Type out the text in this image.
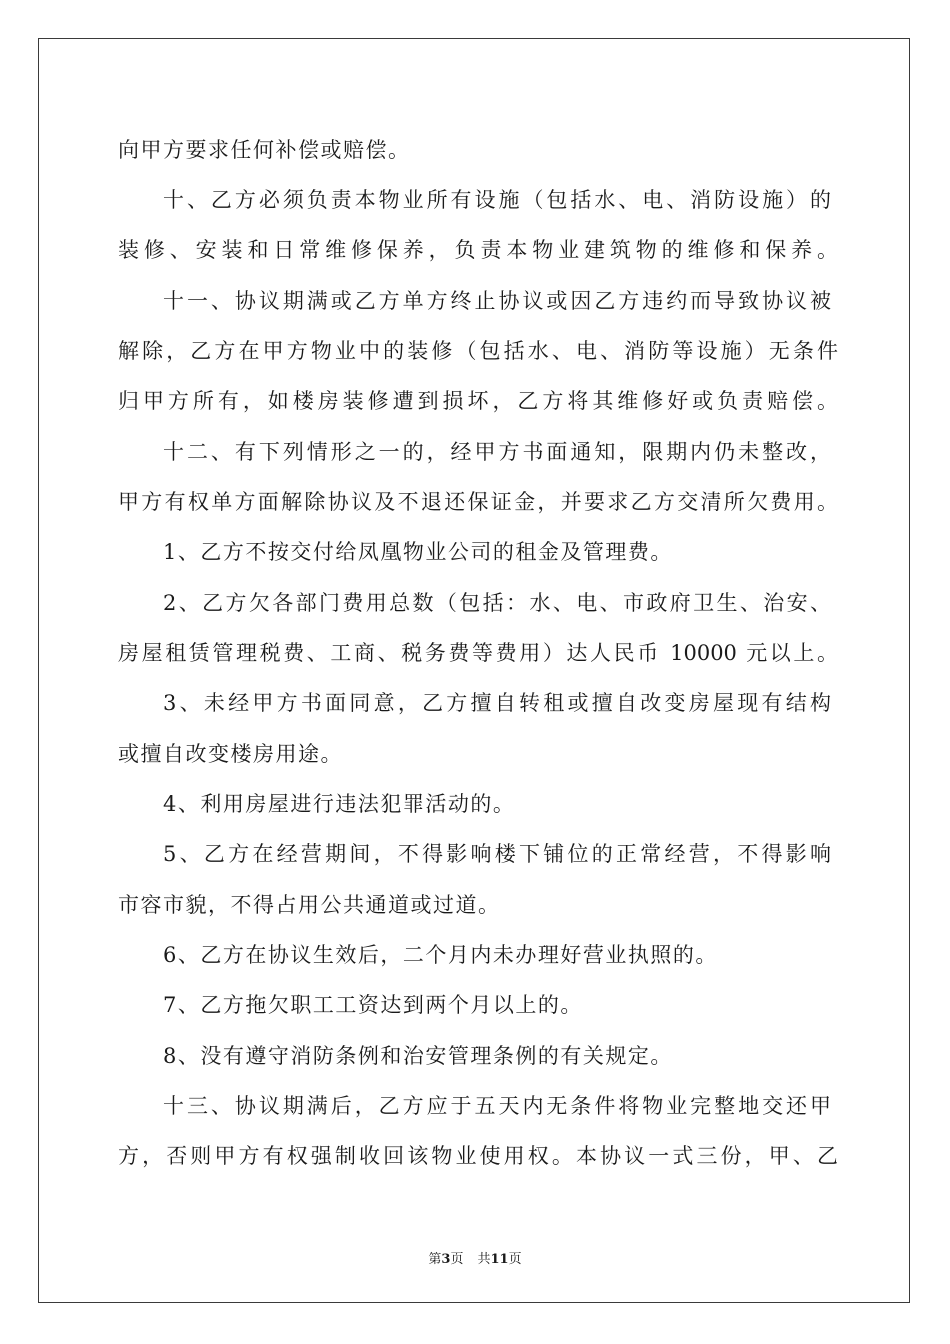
向甲方要求任何补偿或赔偿。
十、乙方必须负责本物业所有设施（包括水、电、消防设施）的
装修、安装和日常维修保养，负责本物业建筑物的维修和保养。
十一、协议期满或乙方单方终止协议或因乙方违约而导致协议被
解除，乙方在甲方物业中的装修（包括水、电、消防等设施）无条件
归甲方所有，如楼房装修遭到损坏，乙方将其维修好或负责赔偿。
十二、有下列情形之一的，经甲方书面通知，限期内仍未整改，
甲方有权单方面解除协议及不退还保证金，并要求乙方交清所欠费用。
1、乙方不按交付给凤凰物业公司的租金及管理费。
2、乙方欠各部门费用总数（包括：水、电、市政府卫生、治安、
房屋租赁管理税费、工商、税务费等费用）达人民币 10000 元以上。
3、未经甲方书面同意，乙方擅自转租或擅自改变房屋现有结构
或擅自改变楼房用途。
4、利用房屋进行违法犯罪活动的。
5、乙方在经营期间，不得影响楼下铺位的正常经营，不得影响
市容市貌，不得占用公共通道或过道。
6、乙方在协议生效后，二个月内未办理好营业执照的。
7、乙方拖欠职工工资达到两个月以上的。
8、没有遵守消防条例和治安管理条例的有关规定。
十三、协议期满后，乙方应于五天内无条件将物业完整地交还甲
方，否则甲方有权强制收回该物业使用权。本协议一式三份，甲、乙
第3页 共11页
